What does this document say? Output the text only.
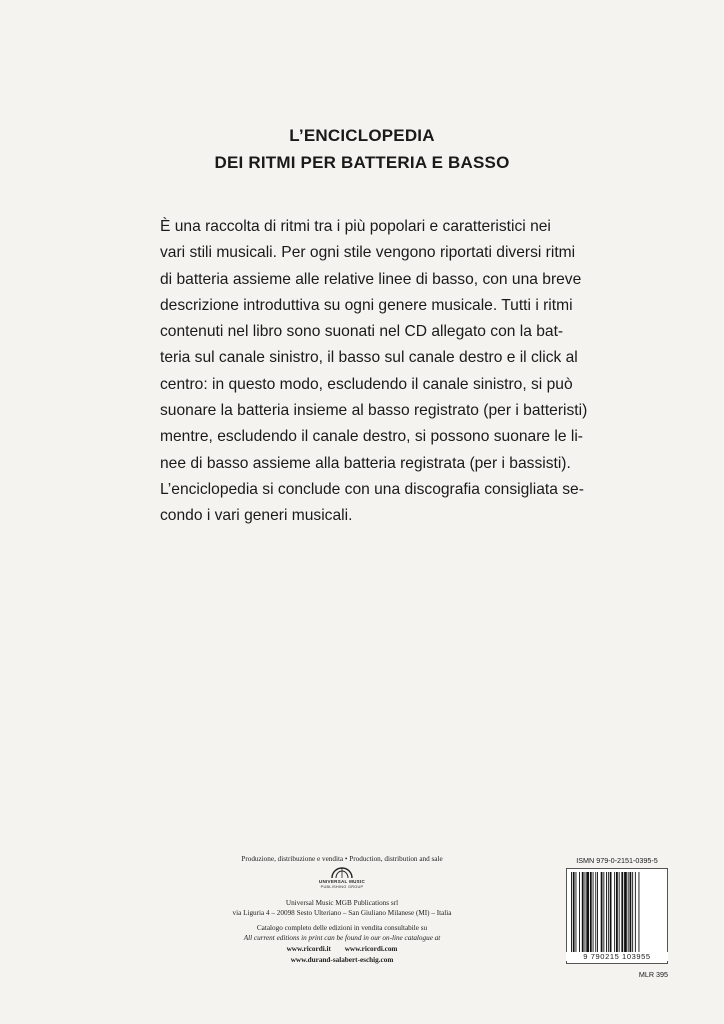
L’ENCICLOPEDIA
DEI RITMI PER BATTERIA E BASSO
È una raccolta di ritmi tra i più popolari e caratteristici nei
vari stili musicali. Per ogni stile vengono riportati diversi ritmi
di batteria assieme alle relative linee di basso, con una breve
descrizione introduttiva su ogni genere musicale. Tutti i ritmi
contenuti nel libro sono suonati nel CD allegato con la bat-
teria sul canale sinistro, il basso sul canale destro e il click al
centro: in questo modo, escludendo il canale sinistro, si può
suonare la batteria insieme al basso registrato (per i batteristi)
mentre, escludendo il canale destro, si possono suonare le li-
nee di basso assieme alla batteria registrata (per i bassisti).
L’enciclopedia si conclude con una discografia consigliata se-
condo i vari generi musicali.
Produzione, distribuzione e vendita • Production, distribution and sale
UNIVERSAL MUSIC
PUBLISHING GROUP
Universal Music MGB Publications srl
via Liguria 4 – 20098 Sesto Ulteriano – San Giuliano Milanese (MI) – Italia
Catalogo completo delle edizioni in vendita consultabile su
All current editions in print can be found in our on-line catalogue at
www.ricordi.it www.ricordi.com
www.durand-salabert-eschig.com
ISMN 979-0-2151-0395-5
9 790215 103955
MLR 395
